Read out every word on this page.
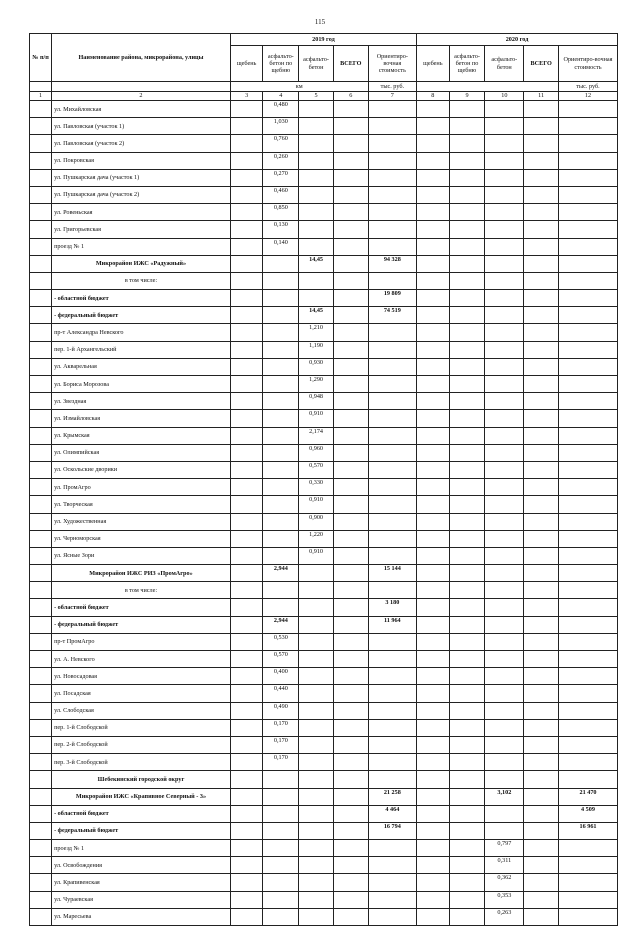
115
№ п/п	Наименование района, микрорайона, улицы	2019 год					2020 год				
		щебень	асфальто-бетон по щебню	асфальто-бетон	ВСЕГО	Ориентиро-вочная стоимость	щебень	асфальто-бетон по щебню	асфальто-бетон	ВСЕГО	Ориентиро-вочная стоимость
		км				тыс. руб.					тыс. руб.
1	2	3	4	5	6	7	8	9	10	11	12
	ул. Михайловская		0,480								
	ул. Павловская (участок 1)		1,030								
	ул. Павловская (участок 2)		0,760								
	ул. Покровская		0,260								
	ул. Пушкарская дача (участок 1)		0,270								
	ул. Пушкарская дача (участок 2)		0,460								
	ул. Ровеньская		0,850								
	ул. Григорьевская		0,130								
	проезд № 1		0,140								
	Микрорайон ИЖС «Радужный»			14,45		94 328					
	в том числе:										
	- областной бюджет					19 809					
	- федеральный бюджет			14,45		74 519					
	пр-т Александра Невского			1,210							
	пер. 1-й Архангельский			1,190							
	ул. Акварельная			0,930							
	ул. Бориса Морозова			1,290							
	ул. Звездная			0,948							
	ул. Измайловская			0,910							
	ул. Крымская			2,174							
	ул. Олимпийская			0,960							
	ул. Оскольские дворики			0,570							
	ул. ПромАгро			0,330							
	ул. Творческая			0,910							
	ул. Художественная			0,900							
	ул. Черноморская			1,220							
	ул. Ясные Зори			0,910							
	Микрорайон ИЖС РИЗ «ПромАгро»		2,944			15 144					
	в том числе:										
	- областной бюджет					3 180					
	- федеральный бюджет		2,944			11 964					
	пр-т ПромАгро		0,530								
	ул. А. Невского		0,570								
	ул. Новосадовая		0,400								
	ул. Посадская		0,440								
	ул. Слободская		0,490								
	пер. 1-й Слободской		0,170								
	пер. 2-й Слободской		0,170								
	пер. 3-й Слободской		0,170								
	Шебекинский городской округ										
	Микрорайон ИЖС «Крапивное Северный - 3»					21 258			3,102		21 470
	- областной бюджет					4 464					4 509
	- федеральный бюджет					16 794					16 961
	проезд № 1								0,797		
	ул. Освобождения								0,311		
	ул. Крапивенская								0,362		
	ул. Чураевская								0,353		
	ул. Маресьева								0,263		
